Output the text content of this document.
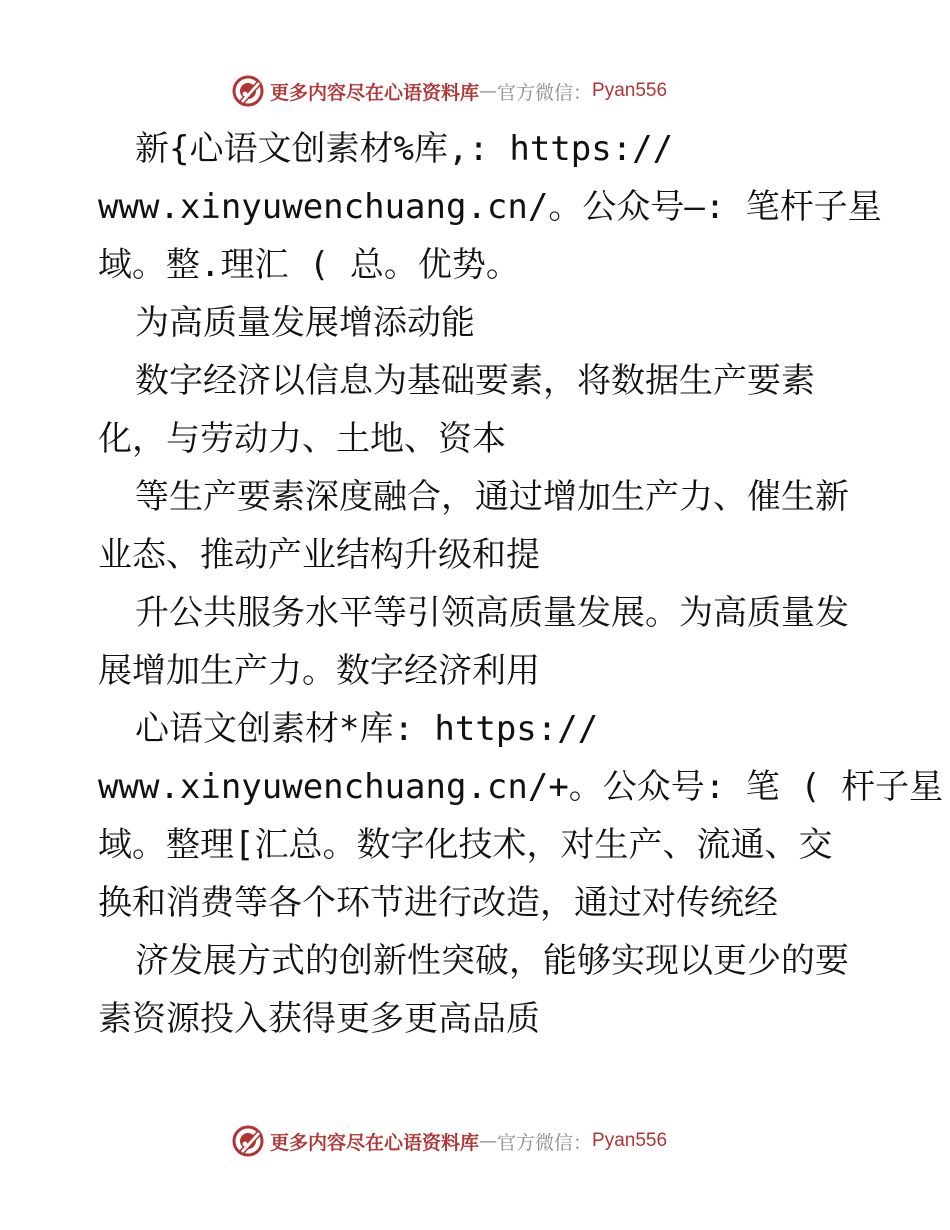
更多内容尽在心语资料库 — 官方微信： Pyan556
新{心语文创素材%库,: https://
www.xinyuwenchuang.cn/。公众号—: 笔杆子星
域。整.理汇 ( 总。优势。
为高质量发展增添动能
数字经济以信息为基础要素，将数据生产要素
化，与劳动力、土地、资本
等生产要素深度融合，通过增加生产力、催生新
业态、推动产业结构升级和提
升公共服务水平等引领高质量发展。为高质量发
展增加生产力。数字经济利用
心语文创素材*库: https://
www.xinyuwenchuang.cn/+。公众号: 笔 ( 杆子星
域。整理[汇总。数字化技术，对生产、流通、交
换和消费等各个环节进行改造，通过对传统经
济发展方式的创新性突破，能够实现以更少的要
素资源投入获得更多更高品质
更多内容尽在心语资料库 — 官方微信： Pyan556
